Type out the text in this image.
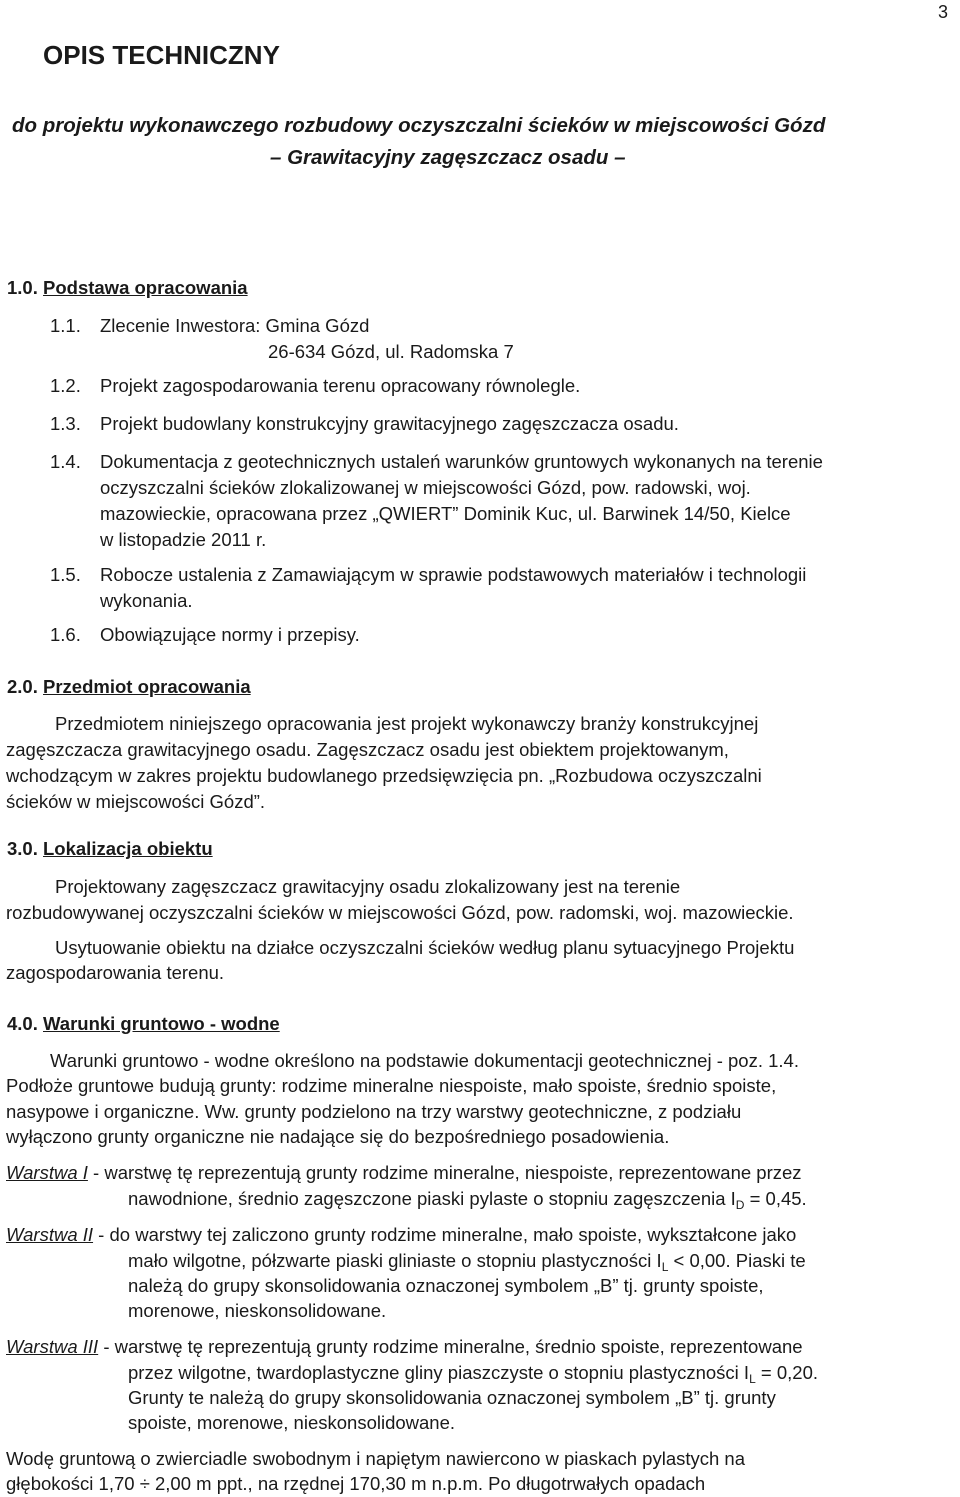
3
OPIS TECHNICZNY
do projektu wykonawczego rozbudowy oczyszczalni ścieków w miejscowości Gózd
– Grawitacyjny zagęszczacz osadu –
1.0. Podstawa opracowania
1.1. Zlecenie Inwestora: Gmina Gózd
26-634 Gózd, ul. Radomska 7
1.2. Projekt zagospodarowania terenu opracowany równolegle.
1.3. Projekt budowlany konstrukcyjny grawitacyjnego zagęszczacza osadu.
1.4. Dokumentacja z geotechnicznych ustaleń warunków gruntowych wykonanych na terenie
oczyszczalni ścieków zlokalizowanej w miejscowości Gózd, pow. radowski, woj.
mazowieckie, opracowana przez „QWIERT” Dominik Kuc, ul. Barwinek 14/50, Kielce
w listopadzie 2011 r.
1.5. Robocze ustalenia z Zamawiającym w sprawie podstawowych materiałów i technologii
wykonania.
1.6. Obowiązujące normy i przepisy.
2.0. Przedmiot opracowania
Przedmiotem niniejszego opracowania jest projekt wykonawczy branży konstrukcyjnej
zagęszczacza grawitacyjnego osadu. Zagęszczacz osadu jest obiektem projektowanym,
wchodzącym w zakres projektu budowlanego przedsięwzięcia pn. „Rozbudowa oczyszczalni
ścieków w miejscowości Gózd”.
3.0. Lokalizacja obiektu
Projektowany zagęszczacz grawitacyjny osadu zlokalizowany jest na terenie
rozbudowywanej oczyszczalni ścieków w miejscowości Gózd, pow. radomski, woj. mazowieckie.
Usytuowanie obiektu na działce oczyszczalni ścieków według planu sytuacyjnego Projektu
zagospodarowania terenu.
4.0. Warunki gruntowo - wodne
Warunki gruntowo - wodne określono na podstawie dokumentacji geotechnicznej - poz. 1.4.
Podłoże gruntowe budują grunty: rodzime mineralne niespoiste, mało spoiste, średnio spoiste,
nasypowe i organiczne. Ww. grunty podzielono na trzy warstwy geotechniczne, z podziału
wyłączono grunty organiczne nie nadające się do bezpośredniego posadowienia.
Warstwa I - warstwę tę reprezentują grunty rodzime mineralne, niespoiste, reprezentowane przez
nawodnione, średnio zagęszczone piaski pylaste o stopniu zagęszczenia $I_D = 0,45$.
Warstwa II - do warstwy tej zaliczono grunty rodzime mineralne, mało spoiste, wykształcone jako
mało wilgotne, półzwarte piaski gliniaste o stopniu plastyczności $I_L < 0,00$. Piaski te
należą do grupy skonsolidowania oznaczonej symbolem „B” tj. grunty spoiste,
morenowe, nieskonsolidowane.
Warstwa III - warstwę tę reprezentują grunty rodzime mineralne, średnio spoiste, reprezentowane
przez wilgotne, twardoplastyczne gliny piaszczyste o stopniu plastyczności $I_L = 0,20$.
Grunty te należą do grupy skonsolidowania oznaczonej symbolem „B” tj. grunty
spoiste, morenowe, nieskonsolidowane.
Wodę gruntową o zwierciadle swobodnym i napiętym nawiercono w piaskach pylastych na
głębokości 1,70 ÷ 2,00 m ppt., na rzędnej 170,30 m n.p.m. Po długotrwałych opadach
